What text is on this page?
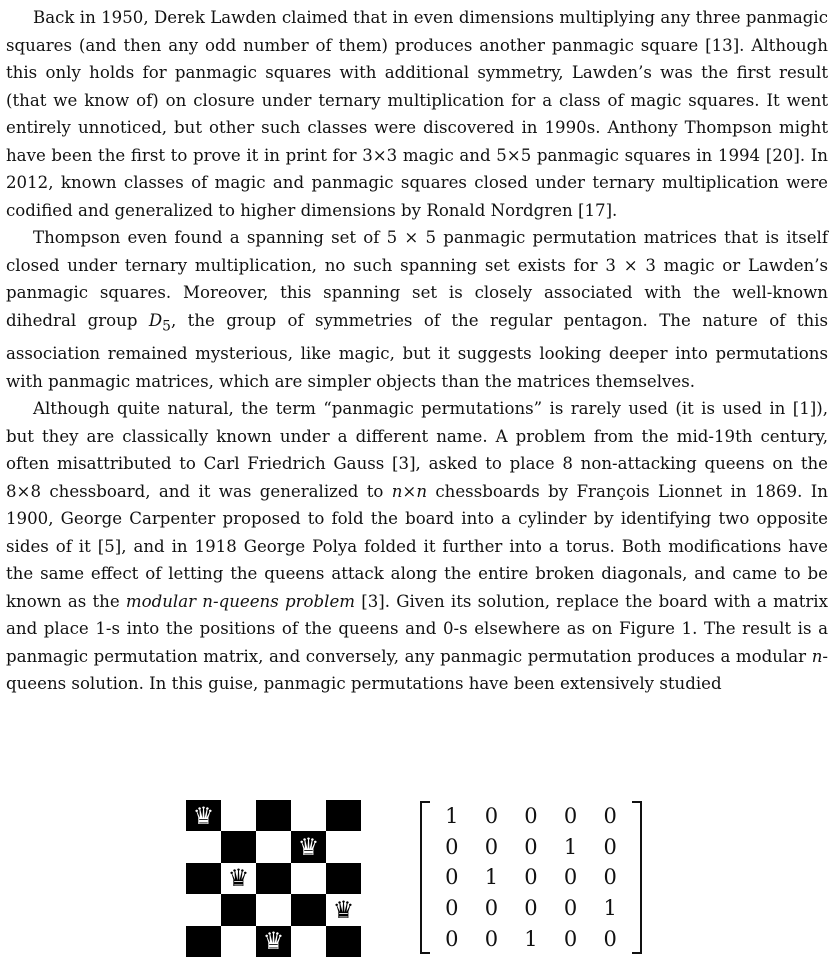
Back in 1950, Derek Lawden claimed that in even dimensions multiplying any three panmagic squares (and then any odd number of them) produces another panmagic square [13]. Although this only holds for panmagic squares with additional symmetry, Lawden’s was the first result (that we know of) on closure under ternary multiplication for a class of magic squares. It went entirely unnoticed, but other such classes were discovered in 1990s. Anthony Thompson might have been the first to prove it in print for 3×3 magic and 5×5 panmagic squares in 1994 [20]. In 2012, known classes of magic and panmagic squares closed under ternary multiplication were codified and generalized to higher dimensions by Ronald Nordgren [17].

Thompson even found a spanning set of 5 × 5 panmagic permutation matrices that is itself closed under ternary multiplication, no such spanning set exists for 3 × 3 magic or Lawden’s panmagic squares. Moreover, this spanning set is closely associated with the well-known dihedral group $D_5$, the group of symmetries of the regular pentagon. The nature of this association remained mysterious, like magic, but it suggests looking deeper into permutations with panmagic matrices, which are simpler objects than the matrices themselves.

Although quite natural, the term “panmagic permutations” is rarely used (it is used in [1]), but they are classically known under a different name. A problem from the mid-19th century, often misattributed to Carl Friedrich Gauss [3], asked to place 8 non-attacking queens on the 8×8 chessboard, and it was generalized to n×n chessboards by François Lionnet in 1869. In 1900, George Carpenter proposed to fold the board into a cylinder by identifying two opposite sides of it [5], and in 1918 George Polya folded it further into a torus. Both modifications have the same effect of letting the queens attack along the entire broken diagonals, and came to be known as the modular n-queens problem [3]. Given its solution, replace the board with a matrix and place 1-s into the positions of the queens and 0-s elsewhere as on Figure 1. The result is a panmagic permutation matrix, and conversely, any panmagic permutation produces a modular n-queens solution. In this guise, panmagic permutations have been extensively studied

♛
♛
♛
♛
♛
1	0	0	0	0
0	0	0	1	0
0	1	0	0	0
0	0	0	0	1
0	0	1	0	0
